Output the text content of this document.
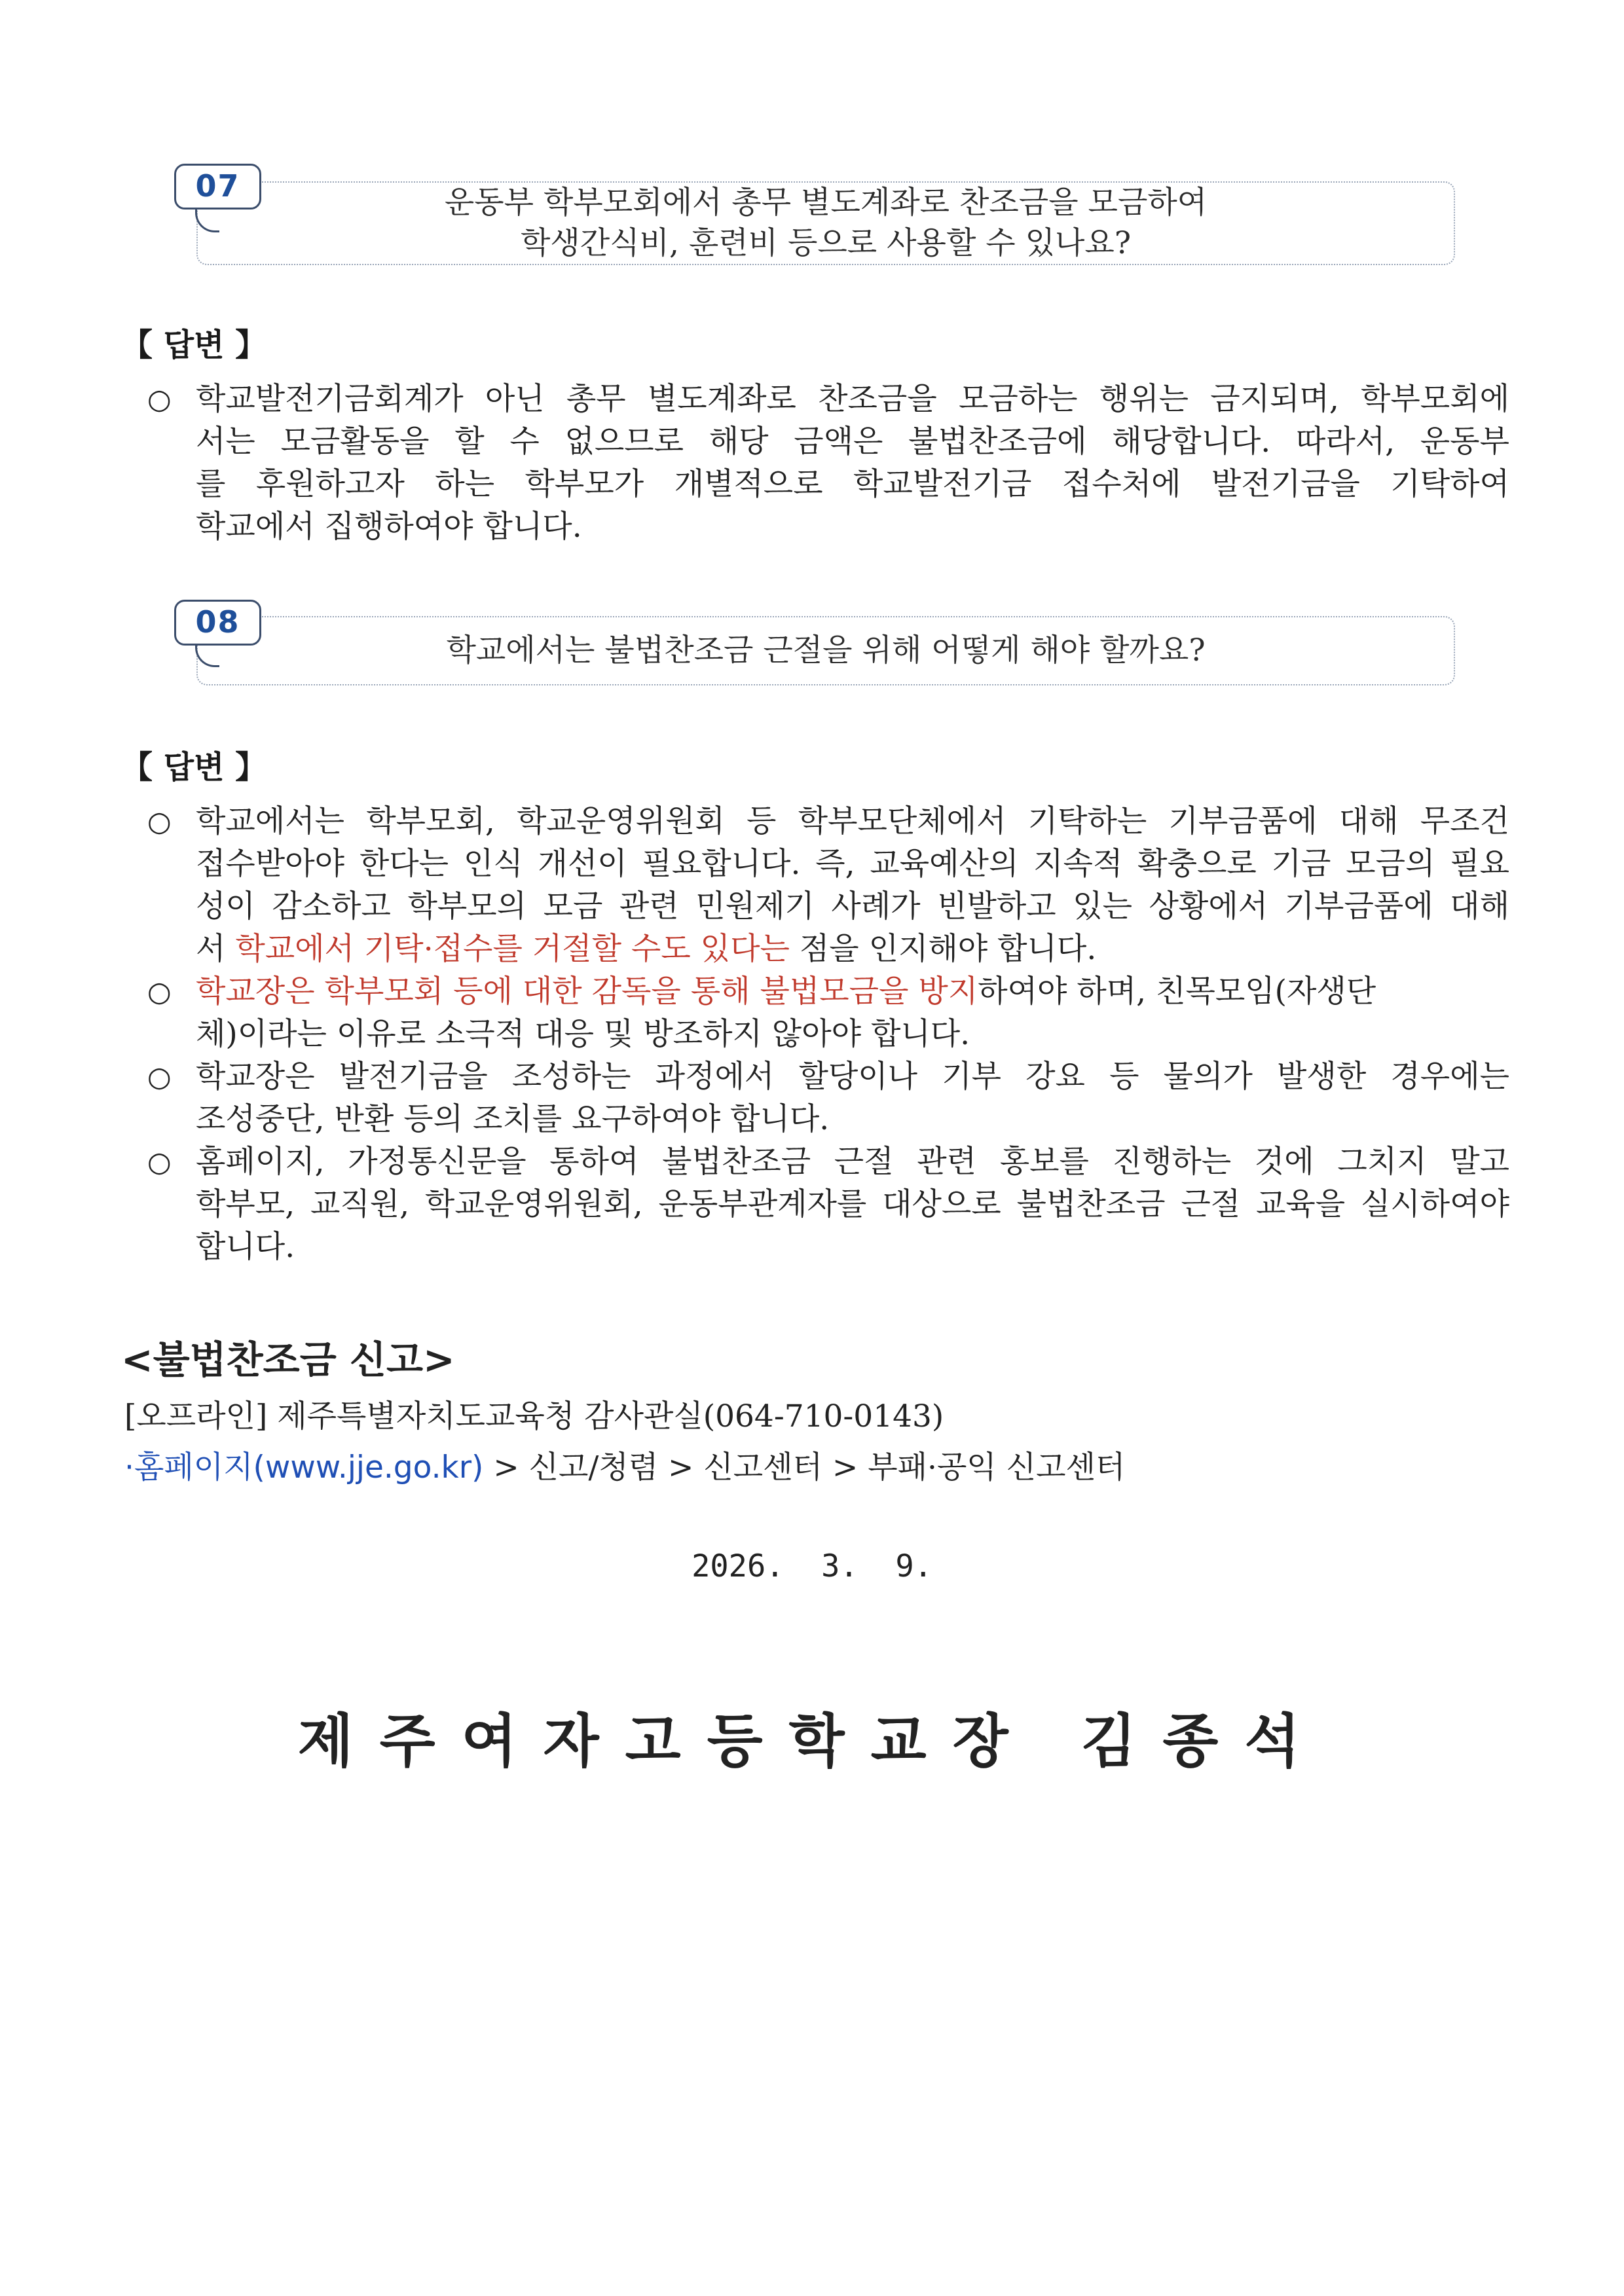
운동부 학부모회에서 총무 별도계좌로 찬조금을 모금하여
학생간식비, 훈련비 등으로 사용할 수 있나요?
07
【 답변 】
○ 학교발전기금회계가 아닌 총무 별도계좌로 찬조금을 모금하는 행위는 금지되며, 학부모회에
서는 모금활동을 할 수 없으므로 해당 금액은 불법찬조금에 해당합니다. 따라서, 운동부
를 후원하고자 하는 학부모가 개별적으로 학교발전기금 접수처에 발전기금을 기탁하여
학교에서 집행하여야 합니다.
학교에서는 불법찬조금 근절을 위해 어떻게 해야 할까요?
08
【 답변 】
○ 학교에서는 학부모회, 학교운영위원회 등 학부모단체에서 기탁하는 기부금품에 대해 무조건
접수받아야 한다는 인식 개선이 필요합니다. 즉, 교육예산의 지속적 확충으로 기금 모금의 필요
성이 감소하고 학부모의 모금 관련 민원제기 사례가 빈발하고 있는 상황에서 기부금품에 대해
서 학교에서 기탁·접수를 거절할 수도 있다는 점을 인지해야 합니다.
○ 학교장은 학부모회 등에 대한 감독을 통해 불법모금을 방지하여야 하며, 친목모임(자생단
체)이라는 이유로 소극적 대응 및 방조하지 않아야 합니다.
○ 학교장은 발전기금을 조성하는 과정에서 할당이나 기부 강요 등 물의가 발생한 경우에는
조성중단, 반환 등의 조치를 요구하여야 합니다.
○ 홈페이지, 가정통신문을 통하여 불법찬조금 근절 관련 홍보를 진행하는 것에 그치지 말고
학부모, 교직원, 학교운영위원회, 운동부관계자를 대상으로 불법찬조금 근절 교육을 실시하여야
합니다.
<불법찬조금 신고>
[오프라인] 제주특별자치도교육청 감사관실(064-710-0143)
·홈페이지(www.jje.go.kr) > 신고/청렴 > 신고센터 > 부패·공익 신고센터
2026.  3.  9.
제주여자고등학교장 김종석
